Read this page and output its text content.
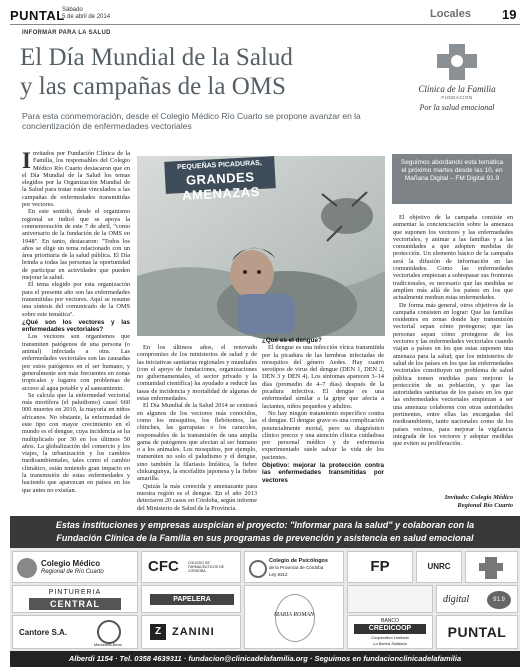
PUNTAL
Sábado
5 de abril de 2014	Locales 19
INFORMAR PARA LA SALUD
El Día Mundial de la Salud
y las campañas de la OMS
Para esta conmemoración, desde el Colegio Médico Río Cuarto se propone avanzar en la concientización de enfermedades vectoriales
Clínica de la Familia
FUNDACION
Por la salud emocional
I nvitados por Fundación Clínica de la Familia, los responsables del Colegio Médico Río Cuarto destacaron que en el Día Mundial de la Salud los temas elegidos por la Organización Mundial de la Salud para tratar están vinculados a las campañas de enfermedades transmitidas por vectores.

En este sentido, desde el organismo regional se indicó que se apoya la conmemoración de este 7 de abril, "como aniversario de la fundación de la OMS en 1948". En tanto, destacaron: "Todos los años se elige un tema relacionado con un área prioritaria de la salud pública. El Día brinda a todas las personas la oportunidad de participar en actividades que pueden mejorar la salud.

El tema elegido por esta organización para el presente año son las enfermedades transmitidas por vectores. Aquí se resume una síntesis del comunicado de la OMS sobre este temática".

¿Qué son los vectores y las enfermedades vectoriales?

Los vectores son organismos que transmiten patógenos de una persona (o animal) infectada a otra. Las enfermedades vectoriales son las causadas por estos patógenos en el ser humano, y generalmente son más frecuentes en zonas tropicales y lugares con problemas de acceso al agua potable y al saneamiento.

Se calcula que la enfermedad vectorial más mortífera (el paludismo) causó 660 000 muertes en 2010, la mayoría en niños africanos. No obstante, la enfermedad de este tipo con mayor crecimiento en el mundo es el dengue, cuya incidencia se ha multiplicado por 30 en los últimos 50 años. La globalización del comercio y los viajes, la urbanización y los cambios medioambientales, tales como el cambio climático, están teniendo gran impacto en la transmisión de estas enfermedades y haciendo que aparezcan en países en los que antes no existían.

PEQUEÑAS PICADURAS,
GRANDES AMENAZAS

En los últimos años, el renovado compromiso de los ministerios de salud y de las iniciativas sanitarias regionales y mundiales (con el apoyo de fundaciones, organizaciones no gubernamentales, el sector privado y la comunidad científica) ha ayudado a reducir las tasas de incidencia y mortalidad de algunas de estas enfermedades.

El Día Mundial de la Salud 2014 se centrará en algunos de los vectores más conocidos, como los mosquitos, los flebótomos, las chinches, las garrapatas o los caracoles, responsables de la transmisión de una amplia gama de patógenos que afectan al ser humano o a los animales. Los mosquitos, por ejemplo, transmiten no solo el paludismo y el dengue, sino también la filariasis linfática, la fiebre chikungunya, la encefalitis japonesa y la fiebre amarilla.

Quizás la más conocida y amenazante para nuestra región es el dengue. En el año 2013 detectaron 20 casos en Córdoba, según informe del Ministerio de Salud de la Provincia.

¿Qué es el dengue?

El dengue es una infección vírica transmitida por la picadura de las hembras infectadas de mosquitos del género Aedes. Hay cuatro serotipos de virus del dengue (DEN 1, DEN 2, DEN 3 y DEN 4). Los síntomas aparecen 3–14 días (promedio de 4–7 días) después de la picadura infectiva. El dengue es una enfermedad similar a la gripe que afecta a lactantes, niños pequeños y adultos.

No hay ningún tratamiento específico contra el dengue. El dengue grave es una complicación potencialmente mortal, pero su diagnóstico clínico precoz y una atención clínica cuidadosa por personal médico y de enfermería experimentado suele salvar la vida de los pacientes.

Objetivo: mejorar la protección contra las enfermedades transmitidas por vectores
Seguimos abordando esta temática el próximo martes desde las 10, en Mañana Digital – FM Digital 91.9

El objetivo de la campaña consiste en aumentar la concienciación sobre la amenaza que suponen los vectores y las enfermedades vectoriales, y animar a las familias y a las comunidades a que adopten medidas de protección. Un elemento básico de la campaña será la difusión de información en las comunidades. Como las enfermedades vectoriales empiezan a sobrepasar sus fronteras tradicionales, es necesario que las medidas se amplíen más allá de los países en los que actualmente medran estas enfermedades.

De forma más general, otros objetivos de la campaña consisten en lograr: Que las familias residentes en zonas donde hay transmisión vectorial sepan cómo protegerse; que las personas sepan cómo protegerse de los vectores y las enfermedades vectoriales cuando viajan a países en los que estas suponen una amenaza para la salud; que los ministerios de salud de los países en los que las enfermedades vectoriales constituyen un problema de salud pública tomen medidas para mejorar la protección de su población, y que las autoridades sanitarias de los países en los que las enfermedades vectoriales empiezan a ser una amenaza colaboren con otras autoridades pertinentes, entre ellas las encargadas del medioambiente, tanto nacionales como de los países vecinos, para mejorar la vigilancia integrada de los vectores y adoptar medidas que eviten su proliferación.

Invitado: Colegio Médico
Regional Río Cuarto
Estas instituciones y empresas auspician el proyecto: "Informar para la salud" y colaboran con la
Fundación Clínica de la Familia en sus programas de prevención y asistencia en salud emocional
Colegio Médico
Regional de Río Cuarto	CFC	COLEGIO DE FARMACÉUTICOS DE CÓRDOBA
Colegio de Psicólogos
de la Provincia de Córdoba
Ley 8312	FP	UNRC
PINTURERIA
CENTRAL	PAPELERA
MARIA ROMAN
digital	91.9
Cantore S.A.
Mercedes-Benz
Z ZANINI
BANCO
CREDICOOP
Cooperativo Limitado
La Banca Solidaria
PUNTAL
Alberdi 1154 · Tel. 0358 4639311 · fundacion@clinicadelafamilia.org · Seguimos en fundacionclinicadelafamilia
